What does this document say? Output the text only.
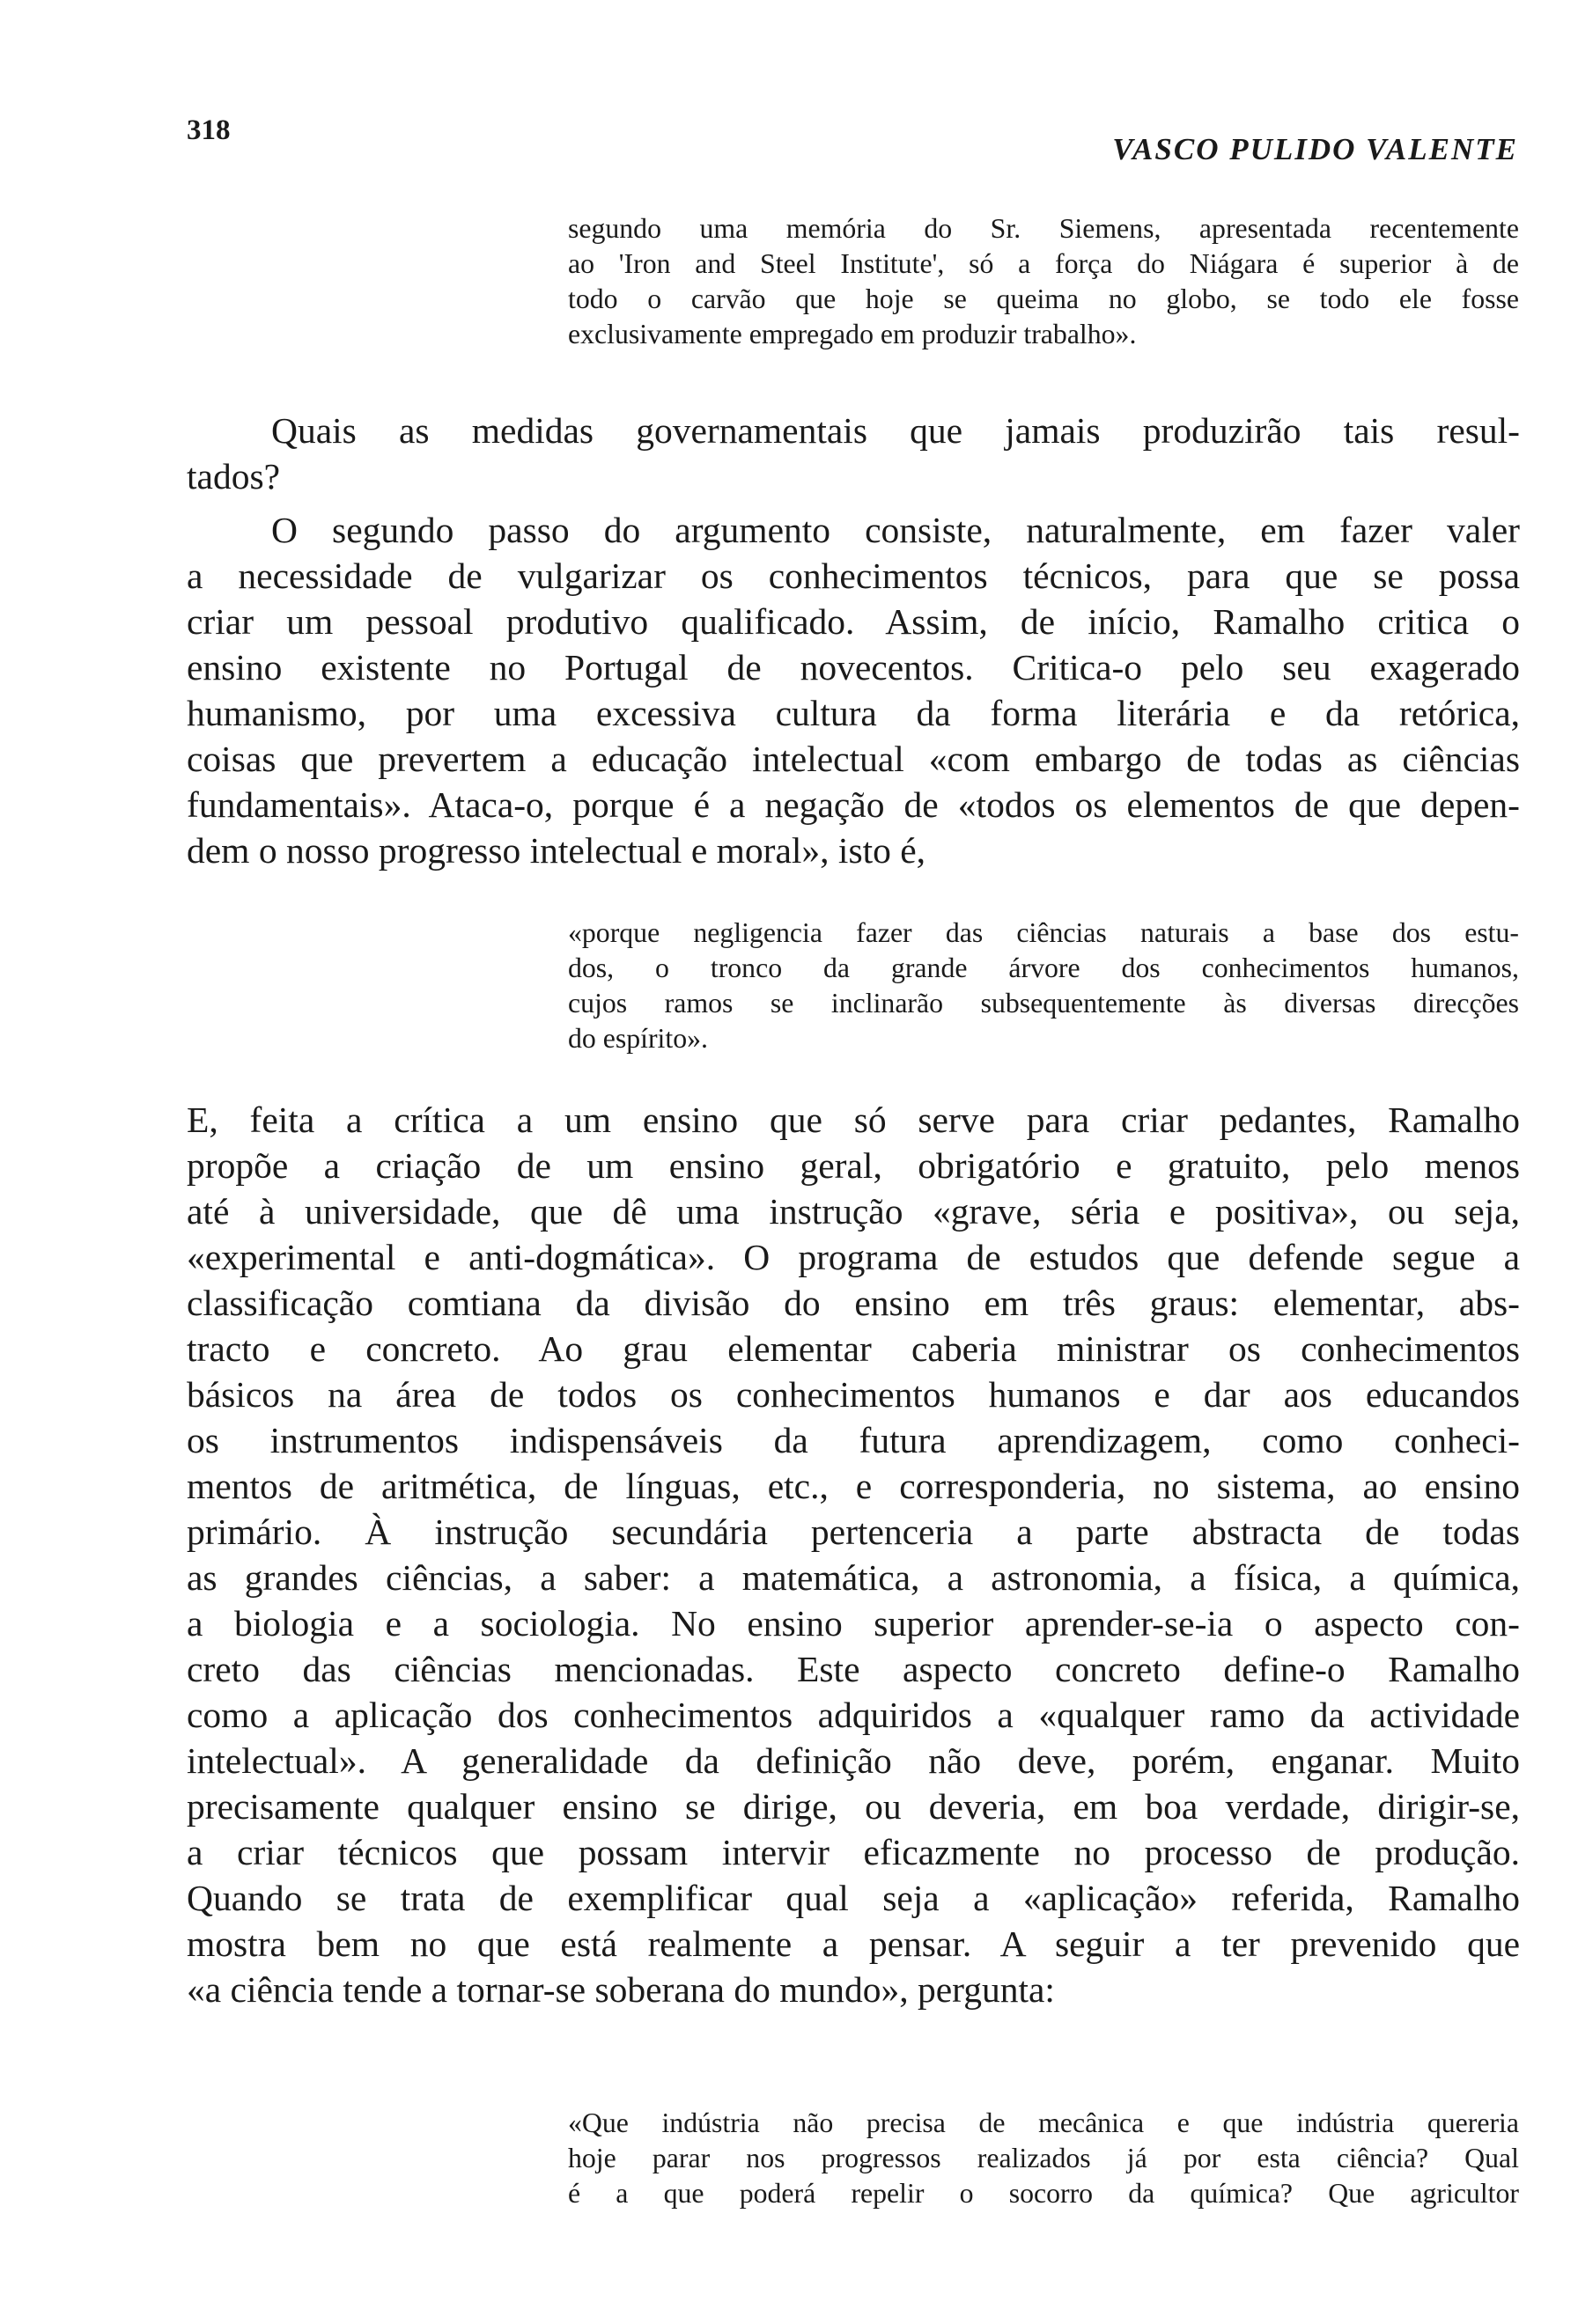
318
VASCO PULIDO VALENTE
segundo uma memória do Sr. Siemens, apresentada recentemente
ao 'Iron and Steel Institute', só a força do Niágara é superior à de
todo o carvão que hoje se queima no globo, se todo ele fosse
exclusivamente empregado em produzir trabalho».
Quais as medidas governamentais que jamais produzirão tais resul-
tados?
O segundo passo do argumento consiste, naturalmente, em fazer valer
a necessidade de vulgarizar os conhecimentos técnicos, para que se possa
criar um pessoal produtivo qualificado. Assim, de início, Ramalho critica o
ensino existente no Portugal de novecentos. Critica-o pelo seu exagerado
humanismo, por uma excessiva cultura da forma literária e da retórica,
coisas que prevertem a educação intelectual «com embargo de todas as ciências
fundamentais». Ataca-o, porque é a negação de «todos os elementos de que depen-
dem o nosso progresso intelectual e moral», isto é,
«porque negligencia fazer das ciências naturais a base dos estu-
dos, o tronco da grande árvore dos conhecimentos humanos,
cujos ramos se inclinarão subsequentemente às diversas direcções
do espírito».
E, feita a crítica a um ensino que só serve para criar pedantes, Ramalho
propõe a criação de um ensino geral, obrigatório e gratuito, pelo menos
até à universidade, que dê uma instrução «grave, séria e positiva», ou seja,
«experimental e anti-dogmática». O programa de estudos que defende segue a
classificação comtiana da divisão do ensino em três graus: elementar, abs-
tracto e concreto. Ao grau elementar caberia ministrar os conhecimentos
básicos na área de todos os conhecimentos humanos e dar aos educandos
os instrumentos indispensáveis da futura aprendizagem, como conheci-
mentos de aritmética, de línguas, etc., e corresponderia, no sistema, ao ensino
primário. À instrução secundária pertenceria a parte abstracta de todas
as grandes ciências, a saber: a matemática, a astronomia, a física, a química,
a biologia e a sociologia. No ensino superior aprender-se-ia o aspecto con-
creto das ciências mencionadas. Este aspecto concreto define-o Ramalho
como a aplicação dos conhecimentos adquiridos a «qualquer ramo da actividade
intelectual». A generalidade da definição não deve, porém, enganar. Muito
precisamente qualquer ensino se dirige, ou deveria, em boa verdade, dirigir-se,
a criar técnicos que possam intervir eficazmente no processo de produção.
Quando se trata de exemplificar qual seja a «aplicação» referida, Ramalho
mostra bem no que está realmente a pensar. A seguir a ter prevenido que
«a ciência tende a tornar-se soberana do mundo», pergunta:
«Que indústria não precisa de mecânica e que indústria quereria
hoje parar nos progressos realizados já por esta ciência? Qual
é a que poderá repelir o socorro da química? Que agricultor
